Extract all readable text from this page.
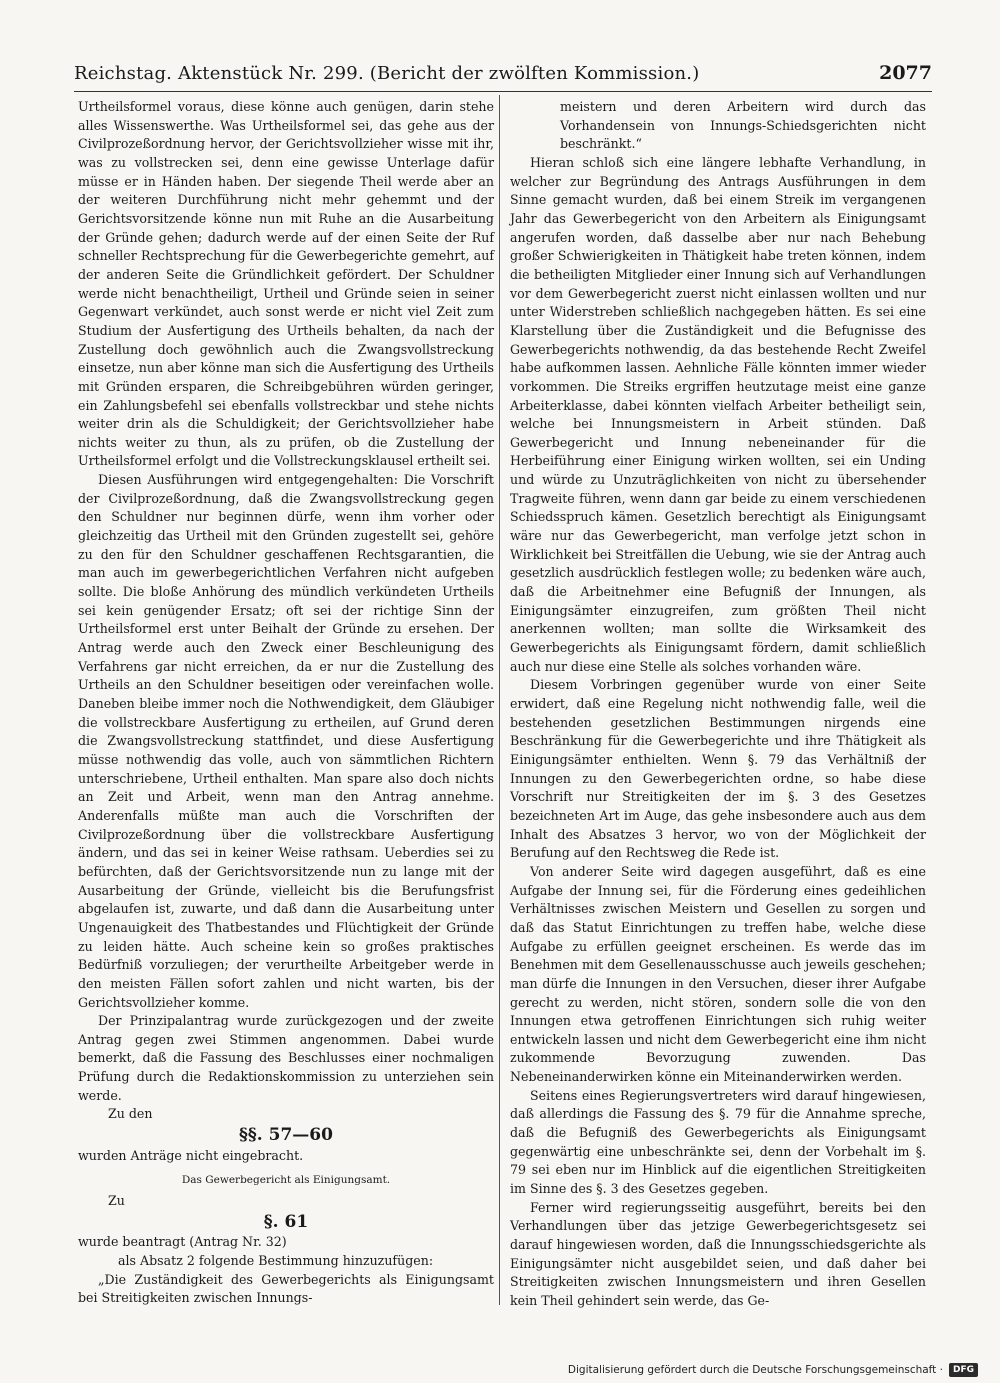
Reichstag. Aktenstück Nr. 299. (Bericht der zwölften Kommission.)	2077

Urtheilsformel voraus, diese könne auch genügen, darin stehe alles Wissenswerthe. Was Urtheilsformel sei, das gehe aus der Civilprozeßordnung hervor, der Gerichtsvollzieher wisse mit ihr, was zu vollstrecken sei, denn eine gewisse Unterlage dafür müsse er in Händen haben. Der siegende Theil werde aber an der weiteren Durchführung nicht mehr gehemmt und der Gerichtsvorsitzende könne nun mit Ruhe an die Ausarbeitung der Gründe gehen; dadurch werde auf der einen Seite der Ruf schneller Rechtsprechung für die Gewerbegerichte gemehrt, auf der anderen Seite die Gründlichkeit gefördert. Der Schuldner werde nicht benachtheiligt, Urtheil und Gründe seien in seiner Gegenwart verkündet, auch sonst werde er nicht viel Zeit zum Studium der Ausfertigung des Urtheils behalten, da nach der Zustellung doch gewöhnlich auch die Zwangsvollstreckung einsetze, nun aber könne man sich die Ausfertigung des Urtheils mit Gründen ersparen, die Schreibgebühren würden geringer, ein Zahlungsbefehl sei ebenfalls vollstreckbar und stehe nichts weiter drin als die Schuldigkeit; der Gerichtsvollzieher habe nichts weiter zu thun, als zu prüfen, ob die Zustellung der Urtheilsformel erfolgt und die Vollstreckungsklausel ertheilt sei.

Diesen Ausführungen wird entgegengehalten: Die Vorschrift der Civilprozeßordnung, daß die Zwangsvollstreckung gegen den Schuldner nur beginnen dürfe, wenn ihm vorher oder gleichzeitig das Urtheil mit den Gründen zugestellt sei, gehöre zu den für den Schuldner geschaffenen Rechtsgarantien, die man auch im gewerbegerichtlichen Verfahren nicht aufgeben sollte. Die bloße Anhörung des mündlich verkündeten Urtheils sei kein genügender Ersatz; oft sei der richtige Sinn der Urtheilsformel erst unter Beihalt der Gründe zu ersehen. Der Antrag werde auch den Zweck einer Beschleunigung des Verfahrens gar nicht erreichen, da er nur die Zustellung des Urtheils an den Schuldner beseitigen oder vereinfachen wolle. Daneben bleibe immer noch die Nothwendigkeit, dem Gläubiger die vollstreckbare Ausfertigung zu ertheilen, auf Grund deren die Zwangsvollstreckung stattfindet, und diese Ausfertigung müsse nothwendig das volle, auch von sämmtlichen Richtern unterschriebene, Urtheil enthalten. Man spare also doch nichts an Zeit und Arbeit, wenn man den Antrag annehme. Anderenfalls müßte man auch die Vorschriften der Civilprozeßordnung über die vollstreckbare Ausfertigung ändern, und das sei in keiner Weise rathsam. Ueberdies sei zu befürchten, daß der Gerichtsvorsitzende nun zu lange mit der Ausarbeitung der Gründe, vielleicht bis die Berufungsfrist abgelaufen ist, zuwarte, und daß dann die Ausarbeitung unter Ungenauigkeit des Thatbestandes und Flüchtigkeit der Gründe zu leiden hätte. Auch scheine kein so großes praktisches Bedürfniß vorzuliegen; der verurtheilte Arbeitgeber werde in den meisten Fällen sofort zahlen und nicht warten, bis der Gerichtsvollzieher komme.

Der Prinzipalantrag wurde zurückgezogen und der zweite Antrag gegen zwei Stimmen angenommen. Dabei wurde bemerkt, daß die Fassung des Beschlusses einer nochmaligen Prüfung durch die Redaktionskommission zu unterziehen sein werde.

Zu den

§§. 57—60

wurden Anträge nicht eingebracht.

Das Gewerbegericht als Einigungsamt.

Zu

§. 61

wurde beantragt (Antrag Nr. 32)

als Absatz 2 folgende Bestimmung hinzuzufügen:

„Die Zuständigkeit des Gewerbegerichts als Einigungsamt bei Streitigkeiten zwischen Innungs-

meistern und deren Arbeitern wird durch das Vorhandensein von Innungs-Schiedsgerichten nicht beschränkt.“

Hieran schloß sich eine längere lebhafte Verhandlung, in welcher zur Begründung des Antrags Ausführungen in dem Sinne gemacht wurden, daß bei einem Streik im vergangenen Jahr das Gewerbegericht von den Arbeitern als Einigungsamt angerufen worden, daß dasselbe aber nur nach Behebung großer Schwierigkeiten in Thätigkeit habe treten können, indem die betheiligten Mitglieder einer Innung sich auf Verhandlungen vor dem Gewerbegericht zuerst nicht einlassen wollten und nur unter Widerstreben schließlich nachgegeben hätten. Es sei eine Klarstellung über die Zuständigkeit und die Befugnisse des Gewerbegerichts nothwendig, da das bestehende Recht Zweifel habe aufkommen lassen. Aehnliche Fälle könnten immer wieder vorkommen. Die Streiks ergriffen heutzutage meist eine ganze Arbeiterklasse, dabei könnten vielfach Arbeiter betheiligt sein, welche bei Innungsmeistern in Arbeit stünden. Daß Gewerbegericht und Innung nebeneinander für die Herbeiführung einer Einigung wirken wollten, sei ein Unding und würde zu Unzuträglichkeiten von nicht zu übersehender Tragweite führen, wenn dann gar beide zu einem verschiedenen Schiedsspruch kämen. Gesetzlich berechtigt als Einigungsamt wäre nur das Gewerbegericht, man verfolge jetzt schon in Wirklichkeit bei Streitfällen die Uebung, wie sie der Antrag auch gesetzlich ausdrücklich festlegen wolle; zu bedenken wäre auch, daß die Arbeitnehmer eine Befugniß der Innungen, als Einigungsämter einzugreifen, zum größten Theil nicht anerkennen wollten; man sollte die Wirksamkeit des Gewerbegerichts als Einigungsamt fördern, damit schließlich auch nur diese eine Stelle als solches vorhanden wäre.

Diesem Vorbringen gegenüber wurde von einer Seite erwidert, daß eine Regelung nicht nothwendig falle, weil die bestehenden gesetzlichen Bestimmungen nirgends eine Beschränkung für die Gewerbegerichte und ihre Thätigkeit als Einigungsämter enthielten. Wenn §. 79 das Verhältniß der Innungen zu den Gewerbegerichten ordne, so habe diese Vorschrift nur Streitigkeiten der im §. 3 des Gesetzes bezeichneten Art im Auge, das gehe insbesondere auch aus dem Inhalt des Absatzes 3 hervor, wo von der Möglichkeit der Berufung auf den Rechtsweg die Rede ist.

Von anderer Seite wird dagegen ausgeführt, daß es eine Aufgabe der Innung sei, für die Förderung eines gedeihlichen Verhältnisses zwischen Meistern und Gesellen zu sorgen und daß das Statut Einrichtungen zu treffen habe, welche diese Aufgabe zu erfüllen geeignet erscheinen. Es werde das im Benehmen mit dem Gesellenausschusse auch jeweils geschehen; man dürfe die Innungen in den Versuchen, dieser ihrer Aufgabe gerecht zu werden, nicht stören, sondern solle die von den Innungen etwa getroffenen Einrichtungen sich ruhig weiter entwickeln lassen und nicht dem Gewerbegericht eine ihm nicht zukommende Bevorzugung zuwenden. Das Nebeneinanderwirken könne ein Miteinanderwirken werden.

Seitens eines Regierungsvertreters wird darauf hingewiesen, daß allerdings die Fassung des §. 79 für die Annahme spreche, daß die Befugniß des Gewerbegerichts als Einigungsamt gegenwärtig eine unbeschränkte sei, denn der Vorbehalt im §. 79 sei eben nur im Hinblick auf die eigentlichen Streitigkeiten im Sinne des §. 3 des Gesetzes gegeben.

Ferner wird regierungsseitig ausgeführt, bereits bei den Verhandlungen über das jetzige Gewerbegerichtsgesetz sei darauf hingewiesen worden, daß die Innungsschiedsgerichte als Einigungsämter nicht ausgebildet seien, und daß daher bei Streitigkeiten zwischen Innungsmeistern und ihren Gesellen kein Theil gehindert sein werde, das Ge-

Digitalisierung gefördert durch die Deutsche Forschungsgemeinschaft ·	DFG
